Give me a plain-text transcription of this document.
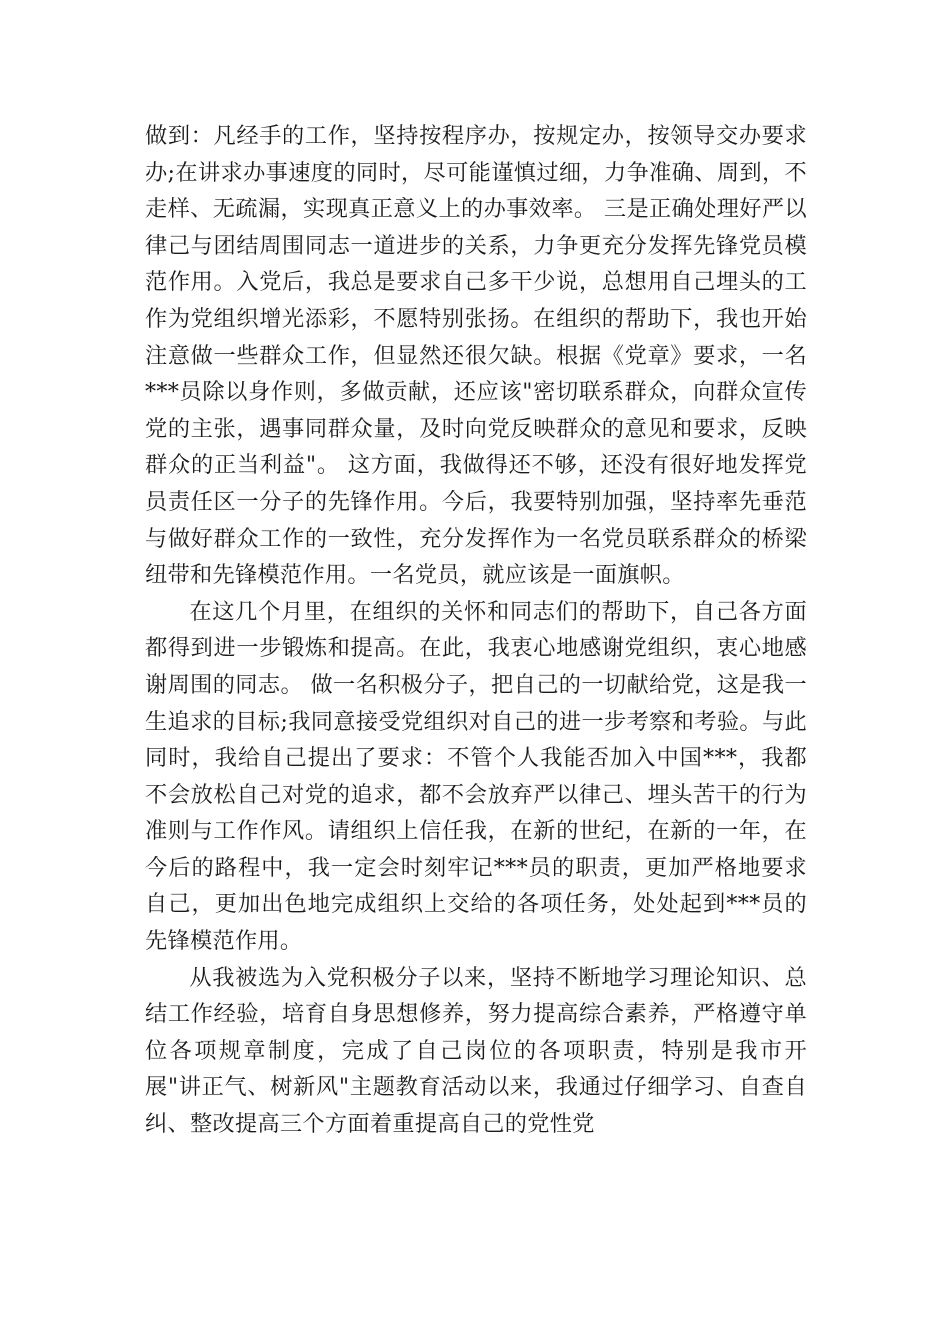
做到：凡经手的工作，坚持按程序办，按规定办，按领导交办要求办;在讲求办事速度的同时，尽可能谨慎过细，力争准确、周到，不走样、无疏漏，实现真正意义上的办事效率。 三是正确处理好严以律己与团结周围同志一道进步的关系，力争更充分发挥先锋党员模范作用。入党后，我总是要求自己多干少说，总想用自己埋头的工作为党组织增光添彩，不愿特别张扬。在组织的帮助下，我也开始注意做一些群众工作，但显然还很欠缺。根据《党章》要求，一名***员除以身作则，多做贡献，还应该"密切联系群众，向群众宣传党的主张，遇事同群众量，及时向党反映群众的意见和要求，反映群众的正当利益"。 这方面，我做得还不够，还没有很好地发挥党员责任区一分子的先锋作用。今后，我要特别加强，坚持率先垂范与做好群众工作的一致性，充分发挥作为一名党员联系群众的桥梁纽带和先锋模范作用。一名党员，就应该是一面旗帜。

在这几个月里，在组织的关怀和同志们的帮助下，自己各方面都得到进一步锻炼和提高。在此，我衷心地感谢党组织，衷心地感谢周围的同志。 做一名积极分子，把自己的一切献给党，这是我一生追求的目标;我同意接受党组织对自己的进一步考察和考验。与此同时，我给自己提出了要求：不管个人我能否加入中国***，我都不会放松自己对党的追求，都不会放弃严以律己、埋头苦干的行为准则与工作作风。请组织上信任我，在新的世纪，在新的一年，在今后的路程中，我一定会时刻牢记***员的职责，更加严格地要求自己，更加出色地完成组织上交给的各项任务，处处起到***员的先锋模范作用。

从我被选为入党积极分子以来，坚持不断地学习理论知识、总结工作经验，培育自身思想修养，努力提高综合素养，严格遵守单位各项规章制度，完成了自己岗位的各项职责，特别是我市开展"讲正气、树新风"主题教育活动以来，我通过仔细学习、自查自纠、整改提高三个方面着重提高自己的党性党
